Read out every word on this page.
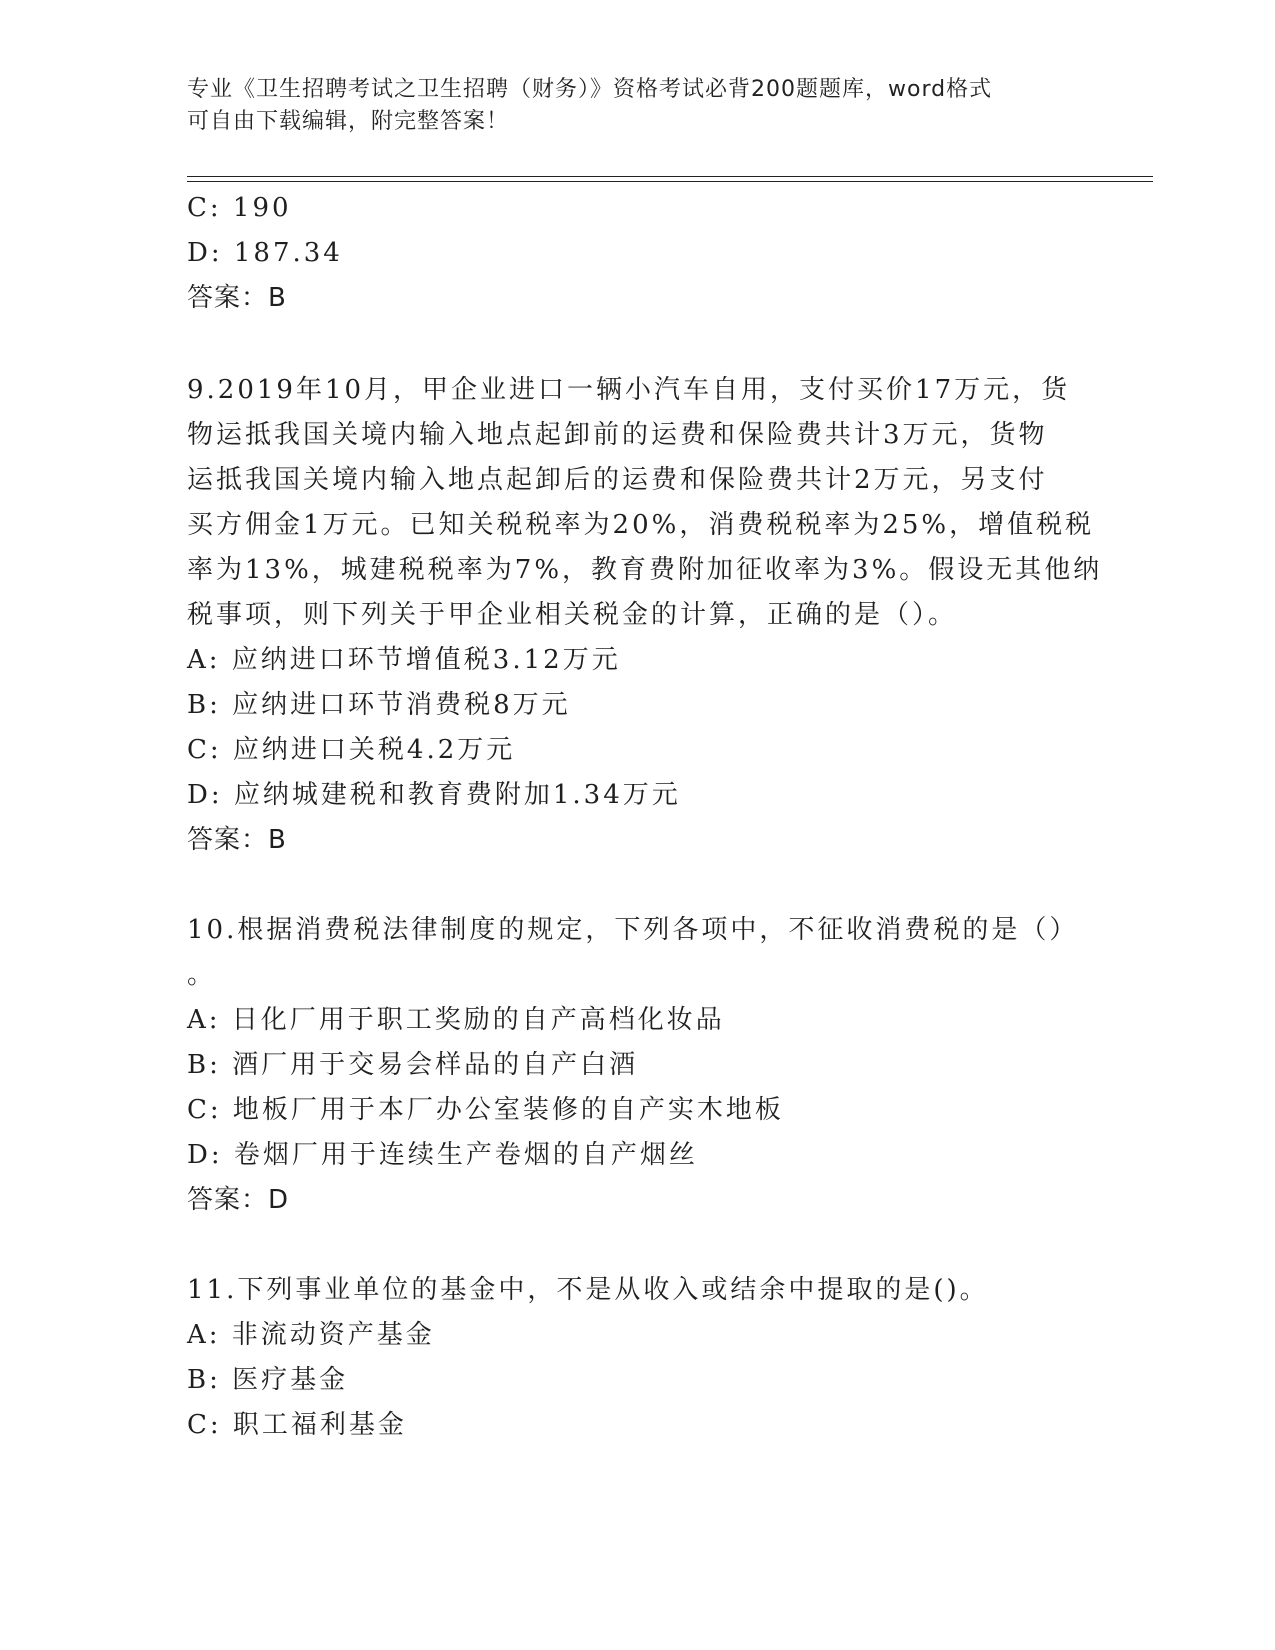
专业《卫生招聘考试之卫生招聘（财务）》资格考试必背200题题库，word格式
可自由下载编辑，附完整答案！
C: 190
D: 187.34
答案：B
9.2019年10月，甲企业进口一辆小汽车自用，支付买价17万元，货
物运抵我国关境内输入地点起卸前的运费和保险费共计3万元，货物
运抵我国关境内输入地点起卸后的运费和保险费共计2万元，另支付
买方佣金1万元。已知关税税率为20%，消费税税率为25%，增值税税
率为13%，城建税税率为7%，教育费附加征收率为3%。假设无其他纳
税事项，则下列关于甲企业相关税金的计算，正确的是（）。
A: 应纳进口环节增值税3.12万元
B: 应纳进口环节消费税8万元
C: 应纳进口关税4.2万元
D: 应纳城建税和教育费附加1.34万元
答案：B
10.根据消费税法律制度的规定，下列各项中，不征收消费税的是（）
。
A: 日化厂用于职工奖励的自产高档化妆品
B: 酒厂用于交易会样品的自产白酒
C: 地板厂用于本厂办公室装修的自产实木地板
D: 卷烟厂用于连续生产卷烟的自产烟丝
答案：D
11.下列事业单位的基金中，不是从收入或结余中提取的是()。
A: 非流动资产基金
B: 医疗基金
C: 职工福利基金
